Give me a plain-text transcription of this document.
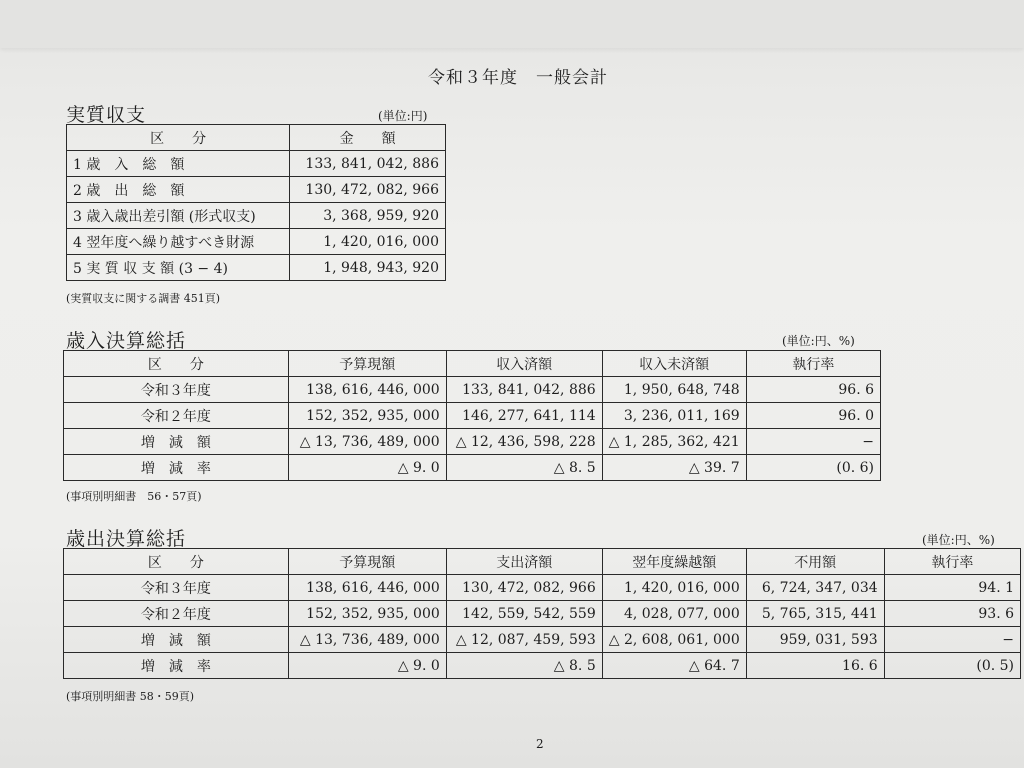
令和３年度　一般会計
実質収支	(単位:円)
区　　分	金　　額
1 歳　入　総　額	133, 841, 042, 886
2 歳　出　総　額	130, 472, 082, 966
3 歳入歳出差引額 (形式収支)	3, 368, 959, 920
4 翌年度へ繰り越すべき財源	1, 420, 016, 000
5 実 質 収 支 額 (3 − 4)	1, 948, 943, 920
(実質収支に関する調書 451頁)
歳入決算総括	(単位:円、%)
区　　分	予算現額	収入済額	収入未済額	執行率
令和３年度	138, 616, 446, 000	133, 841, 042, 886	1, 950, 648, 748	96. 6
令和２年度	152, 352, 935, 000	146, 277, 641, 114	3, 236, 011, 169	96. 0
増　減　額	△ 13, 736, 489, 000	△ 12, 436, 598, 228	△ 1, 285, 362, 421	−
増　減　率	△ 9. 0	△ 8. 5	△ 39. 7	(0. 6)
(事項別明細書　56・57頁)
歳出決算総括	(単位:円、%)
区　　分	予算現額	支出済額	翌年度繰越額	不用額	執行率
令和３年度	138, 616, 446, 000	130, 472, 082, 966	1, 420, 016, 000	6, 724, 347, 034	94. 1
令和２年度	152, 352, 935, 000	142, 559, 542, 559	4, 028, 077, 000	5, 765, 315, 441	93. 6
増　減　額	△ 13, 736, 489, 000	△ 12, 087, 459, 593	△ 2, 608, 061, 000	959, 031, 593	−
増　減　率	△ 9. 0	△ 8. 5	△ 64. 7	16. 6	(0. 5)
(事項別明細書 58・59頁)
2
